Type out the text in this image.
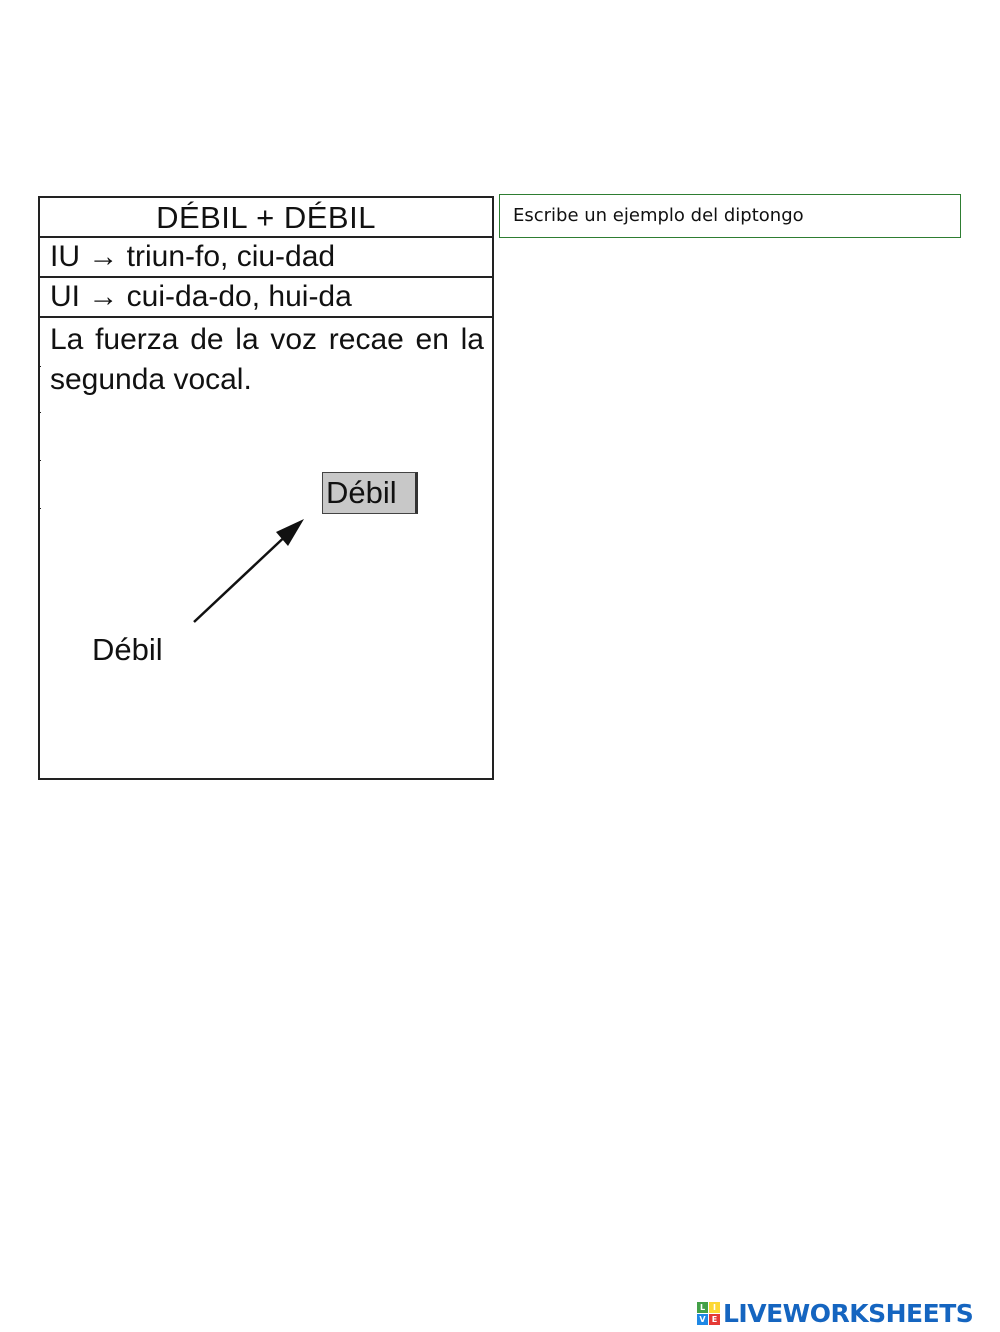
DÉBIL + DÉBIL
IU → triun-fo, ciu-dad
UI → cui-da-do, hui-da
La fuerza de la voz recae en la segunda vocal.
Débil
Débil
Escribe un ejemplo del diptongo
L I
V E LIVEWORKSHEETS
